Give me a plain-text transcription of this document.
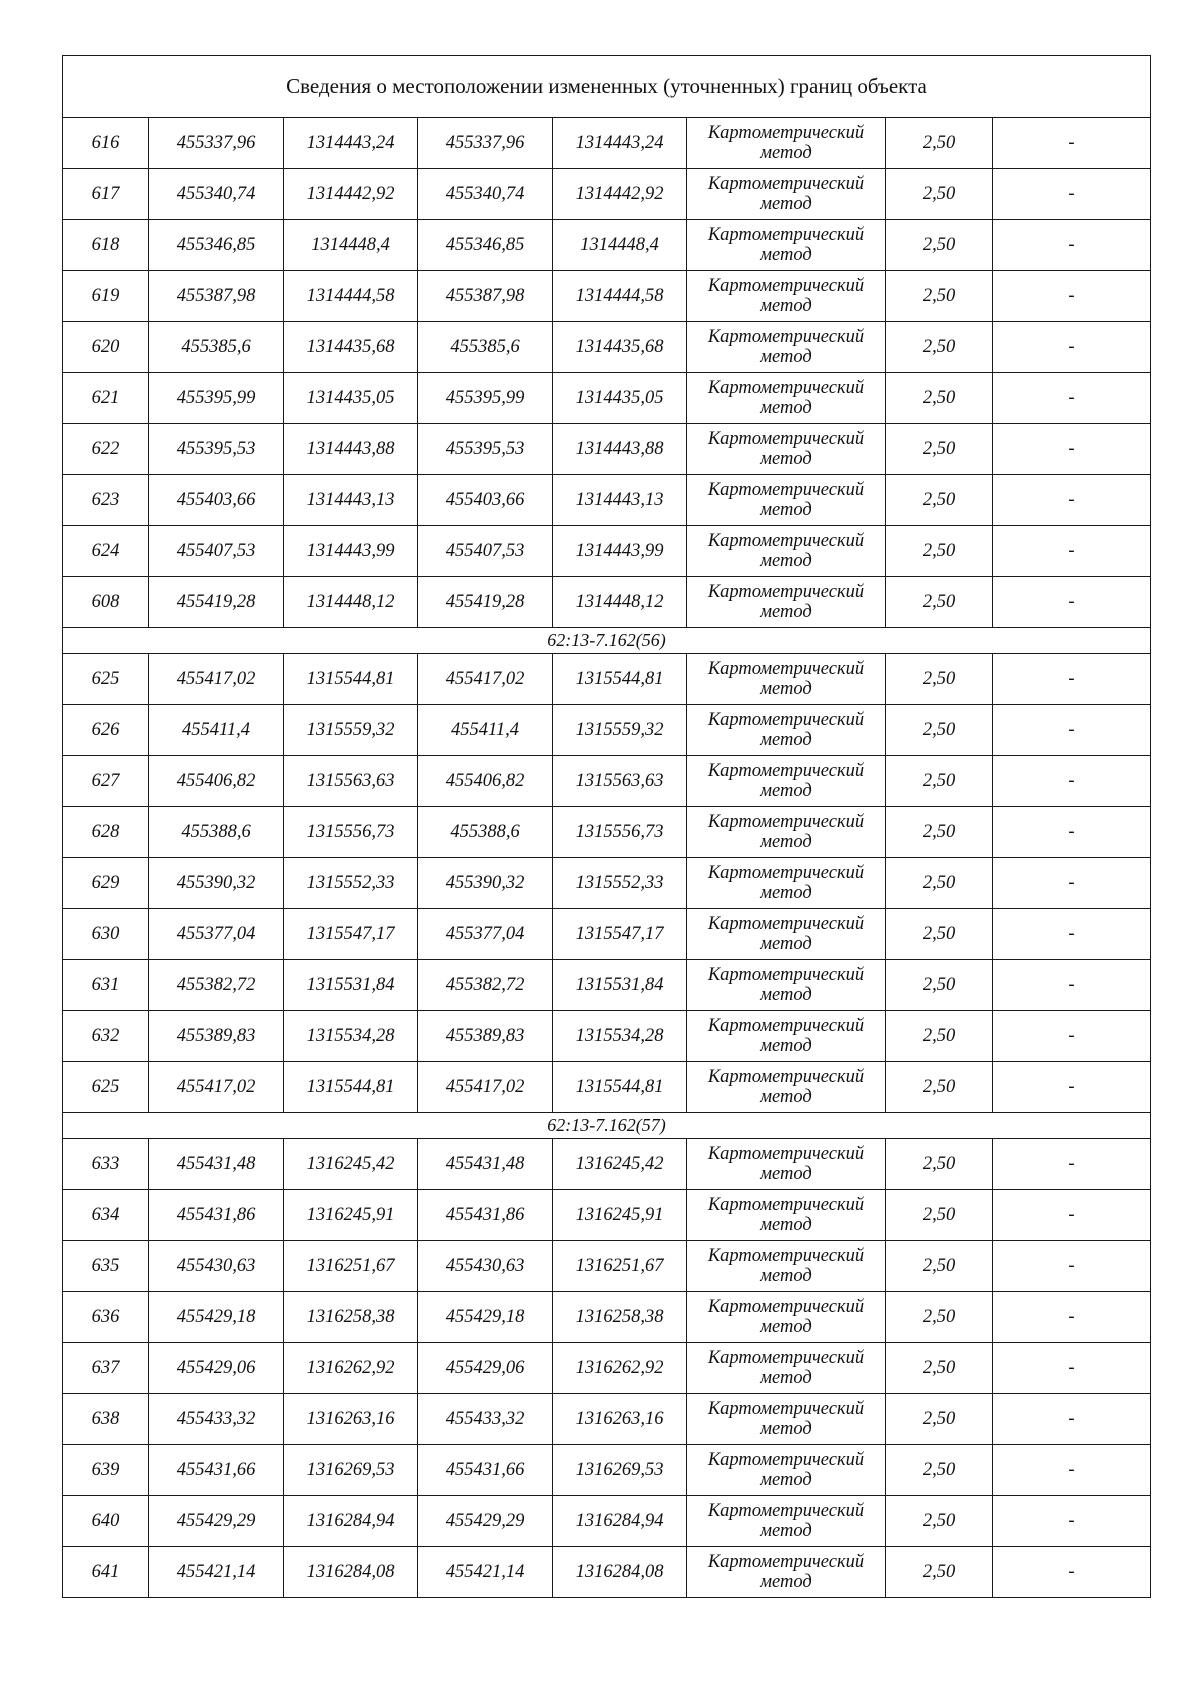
Сведения о местоположении измененных (уточненных) границ объекта							
616	455337,96	1314443,24	455337,96	1314443,24	Картометрический
метод	2,50	-
617	455340,74	1314442,92	455340,74	1314442,92	Картометрический
метод	2,50	-
618	455346,85	1314448,4	455346,85	1314448,4	Картометрический
метод	2,50	-
619	455387,98	1314444,58	455387,98	1314444,58	Картометрический
метод	2,50	-
620	455385,6	1314435,68	455385,6	1314435,68	Картометрический
метод	2,50	-
621	455395,99	1314435,05	455395,99	1314435,05	Картометрический
метод	2,50	-
622	455395,53	1314443,88	455395,53	1314443,88	Картометрический
метод	2,50	-
623	455403,66	1314443,13	455403,66	1314443,13	Картометрический
метод	2,50	-
624	455407,53	1314443,99	455407,53	1314443,99	Картометрический
метод	2,50	-
608	455419,28	1314448,12	455419,28	1314448,12	Картометрический
метод	2,50	-
62:13-7.162(56)							
625	455417,02	1315544,81	455417,02	1315544,81	Картометрический
метод	2,50	-
626	455411,4	1315559,32	455411,4	1315559,32	Картометрический
метод	2,50	-
627	455406,82	1315563,63	455406,82	1315563,63	Картометрический
метод	2,50	-
628	455388,6	1315556,73	455388,6	1315556,73	Картометрический
метод	2,50	-
629	455390,32	1315552,33	455390,32	1315552,33	Картометрический
метод	2,50	-
630	455377,04	1315547,17	455377,04	1315547,17	Картометрический
метод	2,50	-
631	455382,72	1315531,84	455382,72	1315531,84	Картометрический
метод	2,50	-
632	455389,83	1315534,28	455389,83	1315534,28	Картометрический
метод	2,50	-
625	455417,02	1315544,81	455417,02	1315544,81	Картометрический
метод	2,50	-
62:13-7.162(57)							
633	455431,48	1316245,42	455431,48	1316245,42	Картометрический
метод	2,50	-
634	455431,86	1316245,91	455431,86	1316245,91	Картометрический
метод	2,50	-
635	455430,63	1316251,67	455430,63	1316251,67	Картометрический
метод	2,50	-
636	455429,18	1316258,38	455429,18	1316258,38	Картометрический
метод	2,50	-
637	455429,06	1316262,92	455429,06	1316262,92	Картометрический
метод	2,50	-
638	455433,32	1316263,16	455433,32	1316263,16	Картометрический
метод	2,50	-
639	455431,66	1316269,53	455431,66	1316269,53	Картометрический
метод	2,50	-
640	455429,29	1316284,94	455429,29	1316284,94	Картометрический
метод	2,50	-
641	455421,14	1316284,08	455421,14	1316284,08	Картометрический
метод	2,50	-
